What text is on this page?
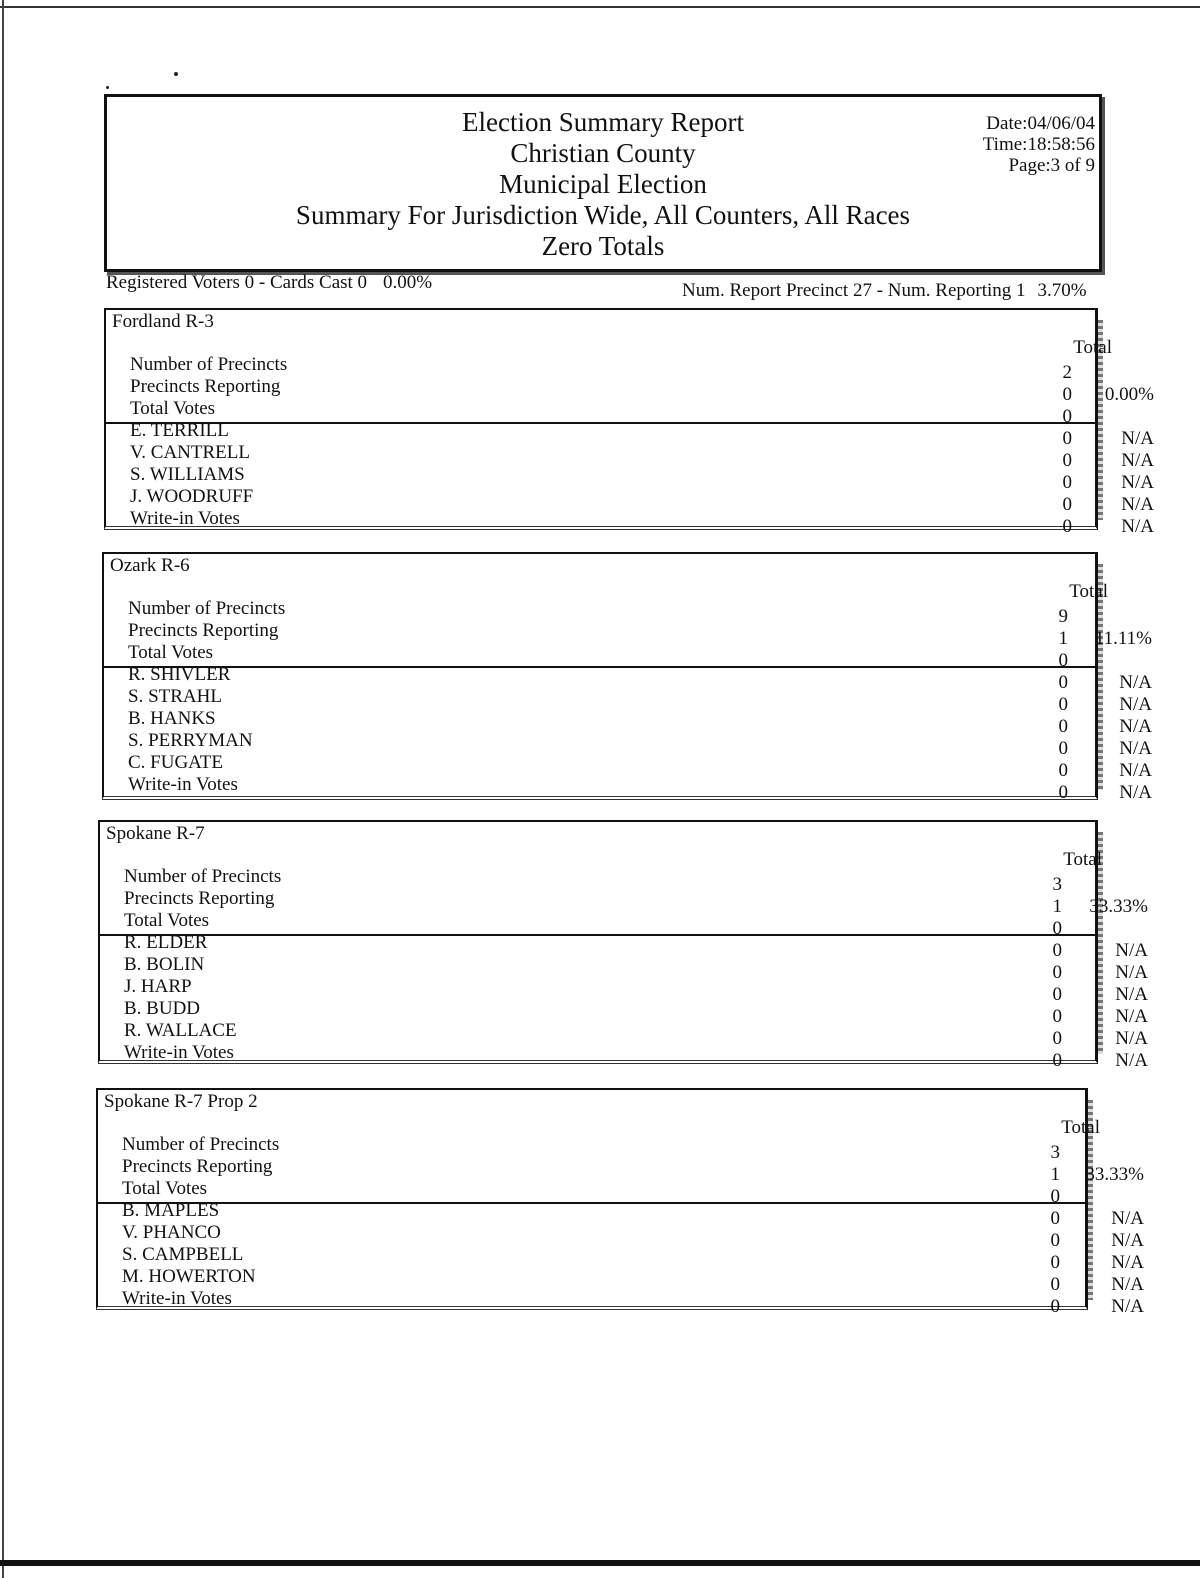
Election Summary Report
Christian County
Municipal Election
Summary For Jurisdiction Wide, All Counters, All Races
Zero Totals
Date:04/06/04
Time:18:58:56
Page:3 of 9
Registered Voters 0 - Cards Cast 0 0.00%	Num. Report Precinct 27 - Num. Reporting 1 3.70%
Fordland R-3
Total
Number of Precincts	2
Precincts Reporting	0	0.00%
Total Votes	0
E. TERRILL	0	N/A
V. CANTRELL	0	N/A
S. WILLIAMS	0	N/A
J. WOODRUFF	0	N/A
Write-in Votes	0	N/A
Ozark R-6
Total
Number of Precincts	9
Precincts Reporting	1	11.11%
Total Votes	0
R. SHIVLER	0	N/A
S. STRAHL	0	N/A
B. HANKS	0	N/A
S. PERRYMAN	0	N/A
C. FUGATE	0	N/A
Write-in Votes	0	N/A
Spokane R-7
Total
Number of Precincts	3
Precincts Reporting	1	33.33%
Total Votes	0
R. ELDER	0	N/A
B. BOLIN	0	N/A
J. HARP	0	N/A
B. BUDD	0	N/A
R. WALLACE	0	N/A
Write-in Votes	0	N/A
Spokane R-7 Prop 2
Total
Number of Precincts	3
Precincts Reporting	1	33.33%
Total Votes	0
B. MAPLES	0	N/A
V. PHANCO	0	N/A
S. CAMPBELL	0	N/A
M. HOWERTON	0	N/A
Write-in Votes	0	N/A
